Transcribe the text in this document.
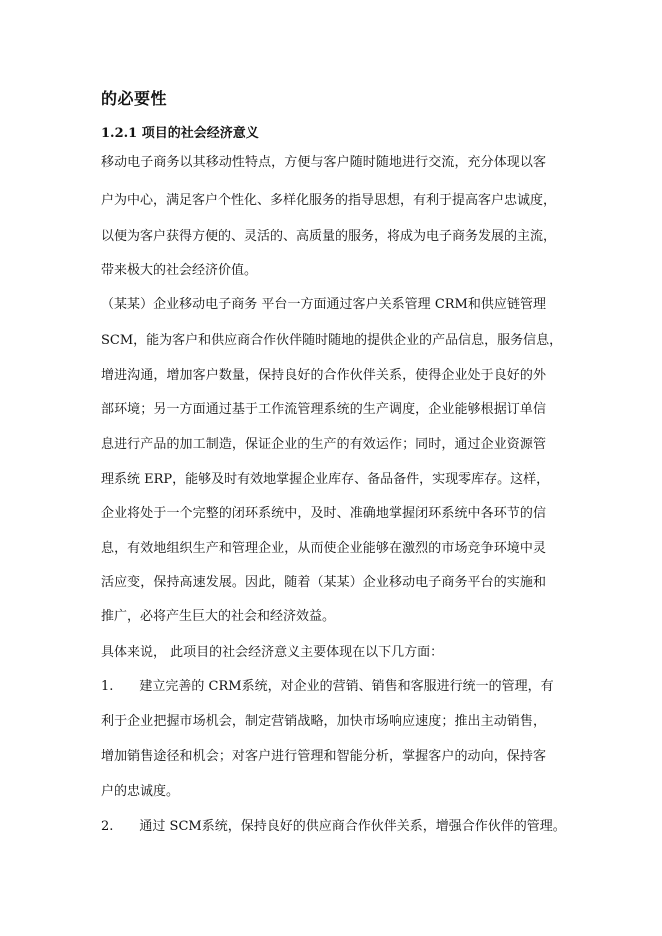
的必要性
1.2.1 项目的社会经济意义
移动电子商务以其移动性特点，方便与客户随时随地进行交流，充分体现以客
户为中心，满足客户个性化、多样化服务的指导思想，有利于提高客户忠诚度，
以便为客户获得方便的、灵活的、高质量的服务，将成为电子商务发展的主流，
带来极大的社会经济价值。
（某某）企业移动电子商务 平台一方面通过客户关系管理 CRM和供应链管理
SCM，能为客户和供应商合作伙伴随时随地的提供企业的产品信息，服务信息，
增进沟通，增加客户数量，保持良好的合作伙伴关系，使得企业处于良好的外
部环境；另一方面通过基于工作流管理系统的生产调度，企业能够根据订单信
息进行产品的加工制造，保证企业的生产的有效运作；同时，通过企业资源管
理系统 ERP，能够及时有效地掌握企业库存、备品备件，实现零库存。这样，
企业将处于一个完整的闭环系统中，及时、准确地掌握闭环系统中各环节的信
息，有效地组织生产和管理企业，从而使企业能够在激烈的市场竞争环境中灵
活应变，保持高速发展。因此，随着（某某）企业移动电子商务平台的实施和
推广，必将产生巨大的社会和经济效益。
具体来说， 此项目的社会经济意义主要体现在以下几方面：
1.　　建立完善的 CRM系统，对企业的营销、销售和客服进行统一的管理，有
利于企业把握市场机会，制定营销战略，加快市场响应速度；推出主动销售，
增加销售途径和机会；对客户进行管理和智能分析，掌握客户的动向，保持客
户的忠诚度。
2.　　通过 SCM系统，保持良好的供应商合作伙伴关系，增强合作伙伴的管理。
